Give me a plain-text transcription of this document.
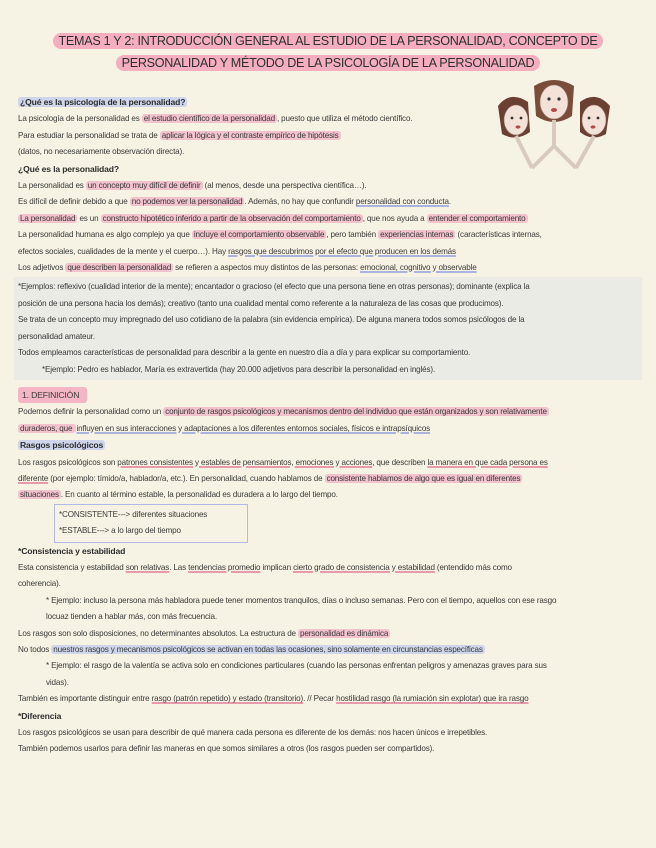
TEMAS 1 Y 2: INTRODUCCIÓN GENERAL AL ESTUDIO DE LA PERSONALIDAD, CONCEPTO DE
PERSONALIDAD Y MÉTODO DE LA PSICOLOGÍA DE LA PERSONALIDAD

¿Qué es la psicología de la personalidad?

La psicología de la personalidad es el estudio científico de la personalidad , puesto que utiliza el método científico.

Para estudiar la personalidad se trata de aplicar la lógica y el contraste empírico de hipótesis

(datos, no necesariamente observación directa).

¿Qué es la personalidad?

La personalidad es un concepto muy difícil de definir (al menos, desde una perspectiva científica…).

Es difícil de definir debido a que no podemos ver la personalidad . Además, no hay que confundir personalidad con conducta.

La personalidad es un constructo hipotético inferido a partir de la observación del comportamiento , que nos ayuda a entender el comportamiento

La personalidad humana es algo complejo ya que incluye el comportamiento observable , pero también experiencias internas (características internas,

efectos sociales, cualidades de la mente y el cuerpo…). Hay rasgos que descubrimos por el efecto que producen en los demás

Los adjetivos que describen la personalidad se refieren a aspectos muy distintos de las personas: emocional, cognitivo y observable

*Ejemplos: reflexivo (cualidad interior de la mente); encantador o gracioso (el efecto que una persona tiene en otras personas); dominante (explica la

posición de una persona hacia los demás); creativo (tanto una cualidad mental como referente a la naturaleza de las cosas que producimos).

Se trata de un concepto muy impregnado del uso cotidiano de la palabra (sin evidencia empírica). De alguna manera todos somos psicólogos de la

personalidad amateur.

Todos empleamos características de personalidad para describir a la gente en nuestro día a día y para explicar su comportamiento.

*Ejemplo: Pedro es hablador, María es extravertida (hay 20.000 adjetivos para describir la personalidad en inglés).

1. DEFINICIÓN

Podemos definir la personalidad como un conjunto de rasgos psicológicos y mecanismos dentro del individuo que están organizados y son relativamente

duraderos, que influyen en sus interacciones y adaptaciones a los diferentes entornos sociales, físicos e intrapsíquicos

Rasgos psicológicos

Los rasgos psicológicos son patrones consistentes y estables de pensamientos, emociones y acciones, que describen la manera en que cada persona es

diferente (por ejemplo: tímido/a, hablador/a, etc.). En personalidad, cuando hablamos de consistente hablamos de algo que es igual en diferentes

situaciones . En cuanto al término estable, la personalidad es duradera a lo largo del tiempo.

*CONSISTENTE---> diferentes situaciones

*ESTABLE---> a lo largo del tiempo

*Consistencia y estabilidad

Esta consistencia y estabilidad son relativas. Las tendencias promedio implican cierto grado de consistencia y estabilidad (entendido más como

coherencia).

* Ejemplo: incluso la persona más habladora puede tener momentos tranquilos, días o incluso semanas. Pero con el tiempo, aquellos con ese rasgo

locuaz tienden a hablar más, con más frecuencia.

Los rasgos son solo disposiciones, no determinantes absolutos. La estructura de personalidad es dinámica

No todos nuestros rasgos y mecanismos psicológicos se activan en todas las ocasiones, sino solamente en circunstancias específicas

* Ejemplo: el rasgo de la valentía se activa solo en condiciones particulares (cuando las personas enfrentan peligros y amenazas graves para sus

vidas).

También es importante distinguir entre rasgo (patrón repetido) y estado (transitorio). // Pecar hostilidad rasgo (la rumiación sin explotar) que ira rasgo

*Diferencia

Los rasgos psicológicos se usan para describir de qué manera cada persona es diferente de los demás: nos hacen únicos e irrepetibles.

También podemos usarlos para definir las maneras en que somos similares a otros (los rasgos pueden ser compartidos).
